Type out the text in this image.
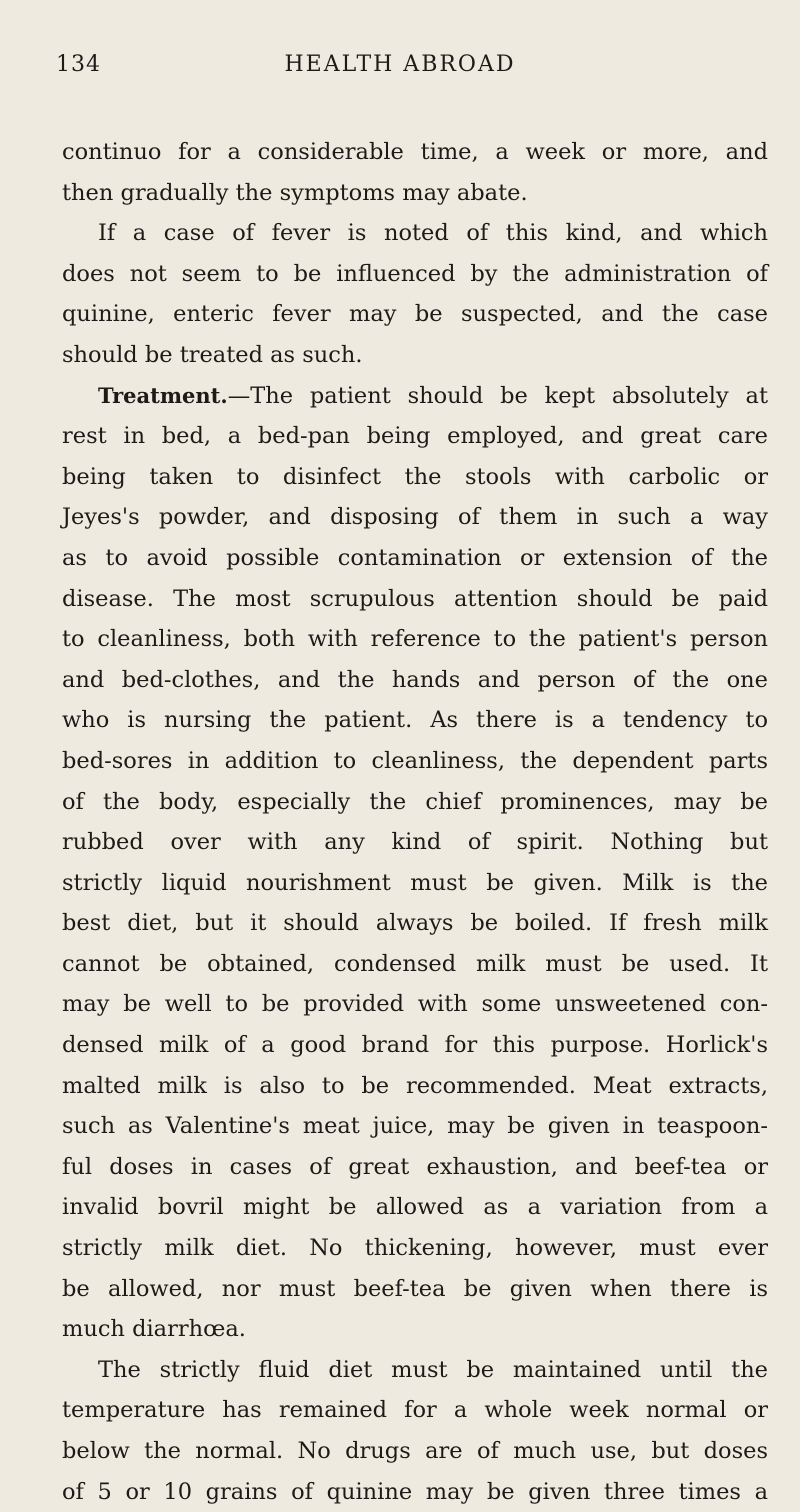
134	HEALTH ABROAD
continuo for a considerable time, a week or more, and
then gradually the symptoms may abate.
If a case of fever is noted of this kind, and which
does not seem to be influenced by the administration of
quinine, enteric fever may be suspected, and the case
should be treated as such.
Treatment.—The patient should be kept absolutely at
rest in bed, a bed-pan being employed, and great care
being taken to disinfect the stools with carbolic or
Jeyes's powder, and disposing of them in such a way
as to avoid possible contamination or extension of the
disease. The most scrupulous attention should be paid
to cleanliness, both with reference to the patient's person
and bed-clothes, and the hands and person of the one
who is nursing the patient. As there is a tendency to
bed-sores in addition to cleanliness, the dependent parts
of the body, especially the chief prominences, may be
rubbed over with any kind of spirit. Nothing but
strictly liquid nourishment must be given. Milk is the
best diet, but it should always be boiled. If fresh milk
cannot be obtained, condensed milk must be used. It
may be well to be provided with some unsweetened con-
densed milk of a good brand for this purpose. Horlick's
malted milk is also to be recommended. Meat extracts,
such as Valentine's meat juice, may be given in teaspoon-
ful doses in cases of great exhaustion, and beef-tea or
invalid bovril might be allowed as a variation from a
strictly milk diet. No thickening, however, must ever
be allowed, nor must beef-tea be given when there is
much diarrhœa.
The strictly fluid diet must be maintained until the
temperature has remained for a whole week normal or
below the normal. No drugs are of much use, but doses
of 5 or 10 grains of quinine may be given three times a
